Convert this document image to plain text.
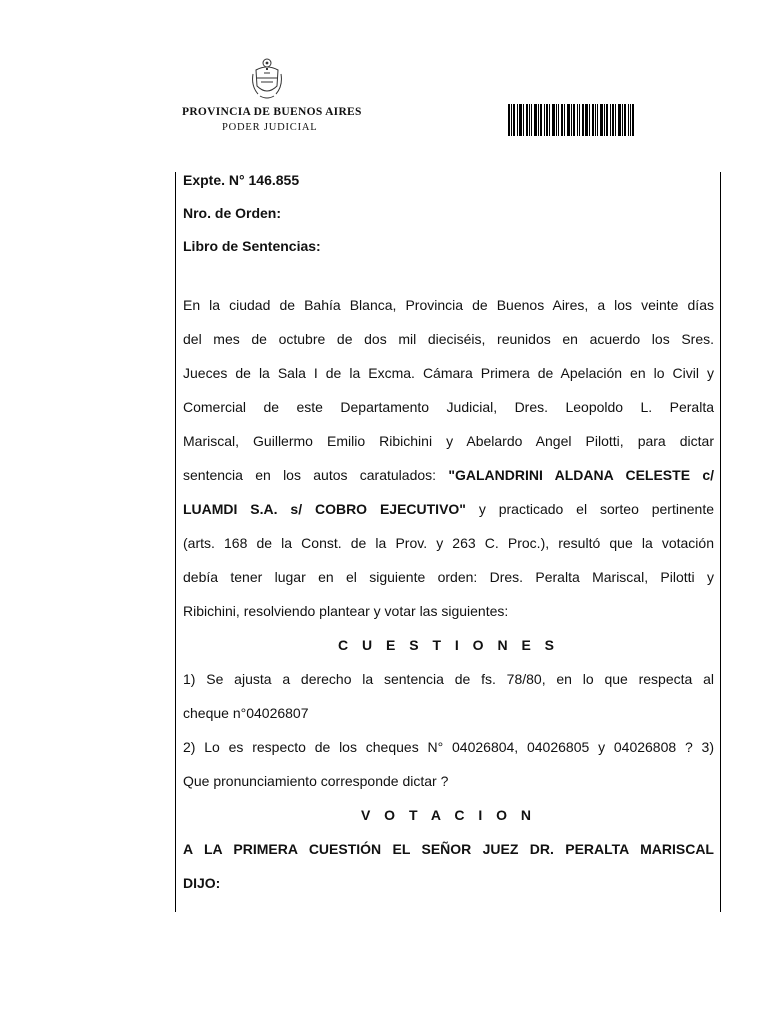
PROVINCIA DE BUENOS AIRES
PODER JUDICIAL
Expte. N° 146.855
Nro. de Orden:
Libro de Sentencias:
En la ciudad de Bahía Blanca, Provincia de Buenos Aires, a los veinte días
del mes de octubre de dos mil dieciséis, reunidos en acuerdo los Sres.
Jueces de la Sala I de la Excma. Cámara Primera de Apelación en lo Civil y
Comercial de este Departamento Judicial, Dres. Leopoldo L. Peralta
Mariscal, Guillermo Emilio Ribichini y Abelardo Angel Pilotti, para dictar
sentencia en los autos caratulados: "GALANDRINI ALDANA CELESTE c/
LUAMDI S.A. s/ COBRO EJECUTIVO" y practicado el sorteo pertinente
(arts. 168 de la Const. de la Prov. y 263 C. Proc.), resultó que la votación
debía tener lugar en el siguiente orden: Dres. Peralta Mariscal, Pilotti y
Ribichini, resolviendo plantear y votar las siguientes:
C U E S T I O N E S
1) Se ajusta a derecho la sentencia de fs. 78/80, en lo que respecta al
cheque n°04026807
2) Lo es respecto de los cheques N° 04026804, 04026805 y 04026808 ? 3)
Que pronunciamiento corresponde dictar ?
V O T A C I O N
A LA PRIMERA CUESTIÓN EL SEÑOR JUEZ DR. PERALTA MARISCAL
DIJO:
